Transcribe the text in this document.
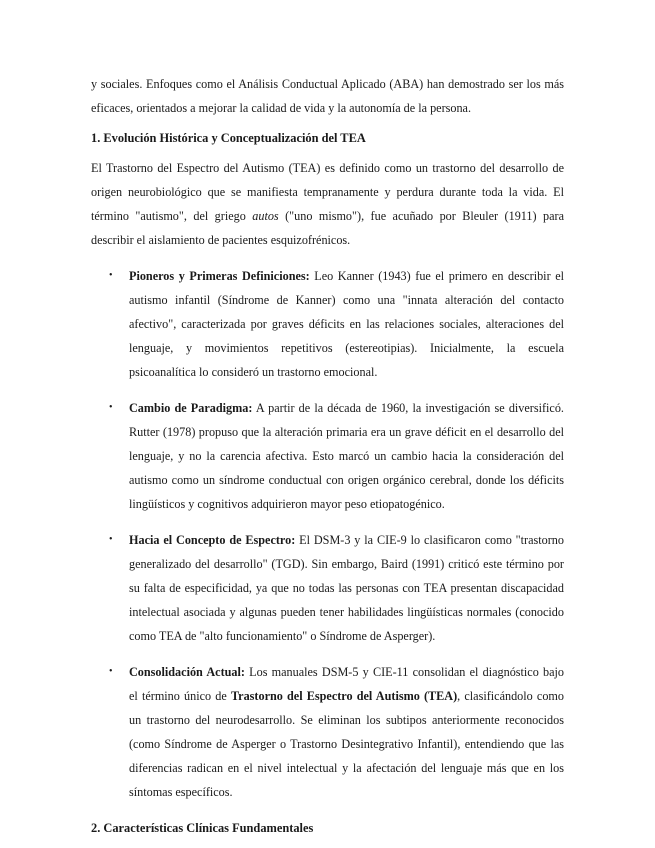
y sociales. Enfoques como el Análisis Conductual Aplicado (ABA) han demostrado ser los más eficaces, orientados a mejorar la calidad de vida y la autonomía de la persona.

1. Evolución Histórica y Conceptualización del TEA

El Trastorno del Espectro del Autismo (TEA) es definido como un trastorno del desarrollo de origen neurobiológico que se manifiesta tempranamente y perdura durante toda la vida. El término "autismo", del griego autos ("uno mismo"), fue acuñado por Bleuler (1911) para describir el aislamiento de pacientes esquizofrénicos.

• Pioneros y Primeras Definiciones: Leo Kanner (1943) fue el primero en describir el autismo infantil (Síndrome de Kanner) como una "innata alteración del contacto afectivo", caracterizada por graves déficits en las relaciones sociales, alteraciones del lenguaje, y movimientos repetitivos (estereotipias). Inicialmente, la escuela psicoanalítica lo consideró un trastorno emocional.
• Cambio de Paradigma: A partir de la década de 1960, la investigación se diversificó. Rutter (1978) propuso que la alteración primaria era un grave déficit en el desarrollo del lenguaje, y no la carencia afectiva. Esto marcó un cambio hacia la consideración del autismo como un síndrome conductual con origen orgánico cerebral, donde los déficits lingüísticos y cognitivos adquirieron mayor peso etiopatogénico.
• Hacia el Concepto de Espectro: El DSM-3 y la CIE-9 lo clasificaron como "trastorno generalizado del desarrollo" (TGD). Sin embargo, Baird (1991) criticó este término por su falta de especificidad, ya que no todas las personas con TEA presentan discapacidad intelectual asociada y algunas pueden tener habilidades lingüísticas normales (conocido como TEA de "alto funcionamiento" o Síndrome de Asperger).
• Consolidación Actual: Los manuales DSM-5 y CIE-11 consolidan el diagnóstico bajo el término único de Trastorno del Espectro del Autismo (TEA), clasificándolo como un trastorno del neurodesarrollo. Se eliminan los subtipos anteriormente reconocidos (como Síndrome de Asperger o Trastorno Desintegrativo Infantil), entendiendo que las diferencias radican en el nivel intelectual y la afectación del lenguaje más que en los síntomas específicos.
2. Características Clínicas Fundamentales
